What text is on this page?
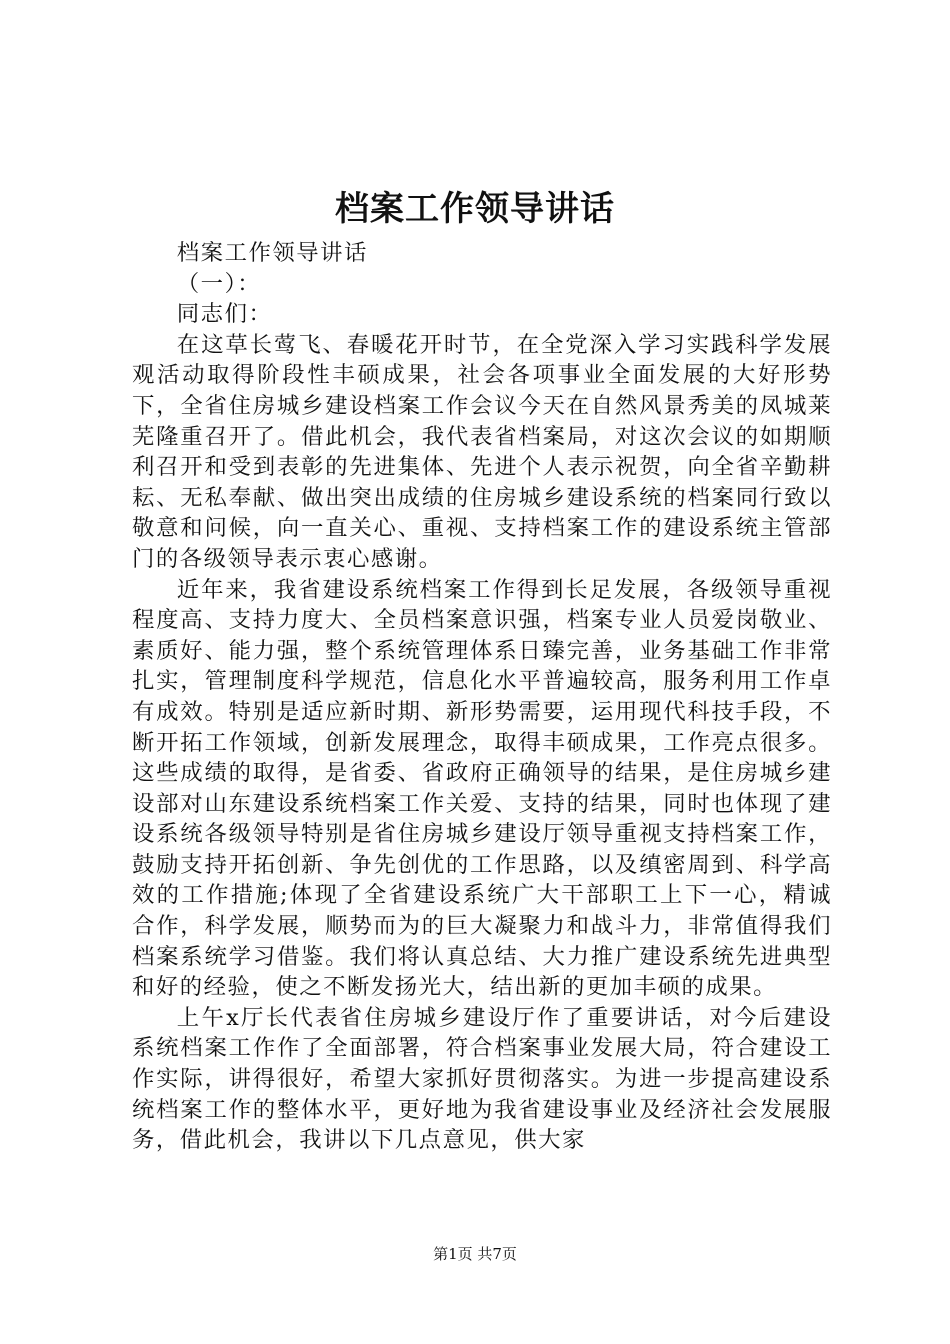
档案工作领导讲话

档案工作领导讲话

（一）：

同志们：

在这草长莺飞、春暖花开时节，在全党深入学习实践科学发展观活动取得阶段性丰硕成果，社会各项事业全面发展的大好形势下，全省住房城乡建设档案工作会议今天在自然风景秀美的凤城莱芜隆重召开了。借此机会，我代表省档案局，对这次会议的如期顺利召开和受到表彰的先进集体、先进个人表示祝贺，向全省辛勤耕耘、无私奉献、做出突出成绩的住房城乡建设系统的档案同行致以敬意和问候，向一直关心、重视、支持档案工作的建设系统主管部门的各级领导表示衷心感谢。

近年来，我省建设系统档案工作得到长足发展，各级领导重视程度高、支持力度大、全员档案意识强，档案专业人员爱岗敬业、素质好、能力强，整个系统管理体系日臻完善，业务基础工作非常扎实，管理制度科学规范，信息化水平普遍较高，服务利用工作卓有成效。特别是适应新时期、新形势需要，运用现代科技手段，不断开拓工作领域，创新发展理念，取得丰硕成果，工作亮点很多。这些成绩的取得，是省委、省政府正确领导的结果，是住房城乡建设部对山东建设系统档案工作关爱、支持的结果，同时也体现了建设系统各级领导特别是省住房城乡建设厅领导重视支持档案工作，鼓励支持开拓创新、争先创优的工作思路，以及缜密周到、科学高效的工作措施;体现了全省建设系统广大干部职工上下一心，精诚合作，科学发展，顺势而为的巨大凝聚力和战斗力，非常值得我们档案系统学习借鉴。我们将认真总结、大力推广建设系统先进典型和好的经验，使之不断发扬光大，结出新的更加丰硕的成果。

上午x厅长代表省住房城乡建设厅作了重要讲话，对今后建设系统档案工作作了全面部署，符合档案事业发展大局，符合建设工作实际，讲得很好，希望大家抓好贯彻落实。为进一步提高建设系统档案工作的整体水平，更好地为我省建设事业及经济社会发展服务，借此机会，我讲以下几点意见，供大家

第1页 共7页
